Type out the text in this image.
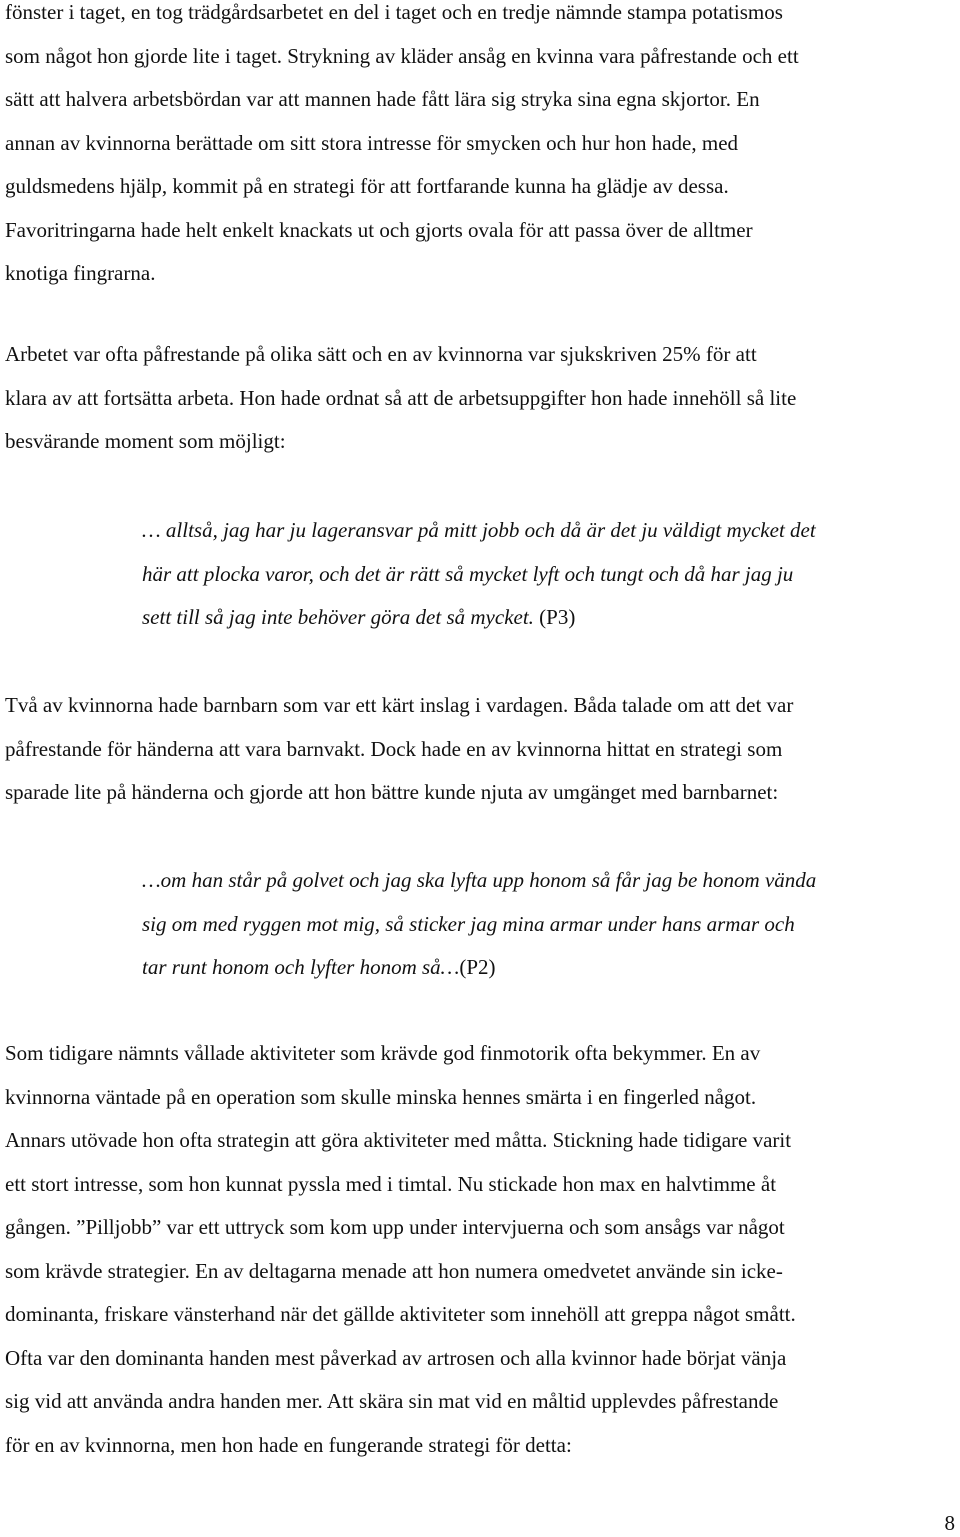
fönster i taget, en tog trädgårdsarbetet en del i taget och en tredje nämnde stampa potatismos
som något hon gjorde lite i taget. Strykning av kläder ansåg en kvinna vara påfrestande och ett
sätt att halvera arbetsbördan var att mannen hade fått lära sig stryka sina egna skjortor. En
annan av kvinnorna berättade om sitt stora intresse för smycken och hur hon hade, med
guldsmedens hjälp, kommit på en strategi för att fortfarande kunna ha glädje av dessa.
Favoritringarna hade helt enkelt knackats ut och gjorts ovala för att passa över de alltmer
knotiga fingrarna.

Arbetet var ofta påfrestande på olika sätt och en av kvinnorna var sjukskriven 25% för att
klara av att fortsätta arbeta. Hon hade ordnat så att de arbetsuppgifter hon hade innehöll så lite
besvärande moment som möjligt:

… alltså, jag har ju lageransvar på mitt jobb och då är det ju väldigt mycket det
här att plocka varor, och det är rätt så mycket lyft och tungt och då har jag ju
sett till så jag inte behöver göra det så mycket. (P3)

Två av kvinnorna hade barnbarn som var ett kärt inslag i vardagen. Båda talade om att det var
påfrestande för händerna att vara barnvakt. Dock hade en av kvinnorna hittat en strategi som
sparade lite på händerna och gjorde att hon bättre kunde njuta av umgänget med barnbarnet:

…om han står på golvet och jag ska lyfta upp honom så får jag be honom vända
sig om med ryggen mot mig, så sticker jag mina armar under hans armar och
tar runt honom och lyfter honom så…(P2)

Som tidigare nämnts vållade aktiviteter som krävde god finmotorik ofta bekymmer. En av
kvinnorna väntade på en operation som skulle minska hennes smärta i en fingerled något.
Annars utövade hon ofta strategin att göra aktiviteter med måtta. Stickning hade tidigare varit
ett stort intresse, som hon kunnat pyssla med i timtal. Nu stickade hon max en halvtimme åt
gången. ”Pilljobb” var ett uttryck som kom upp under intervjuerna och som ansågs var något
som krävde strategier. En av deltagarna menade att hon numera omedvetet använde sin icke-
dominanta, friskare vänsterhand när det gällde aktiviteter som innehöll att greppa något smått.
Ofta var den dominanta handen mest påverkad av artrosen och alla kvinnor hade börjat vänja
sig vid att använda andra handen mer. Att skära sin mat vid en måltid upplevdes påfrestande
för en av kvinnorna, men hon hade en fungerande strategi för detta:

8
